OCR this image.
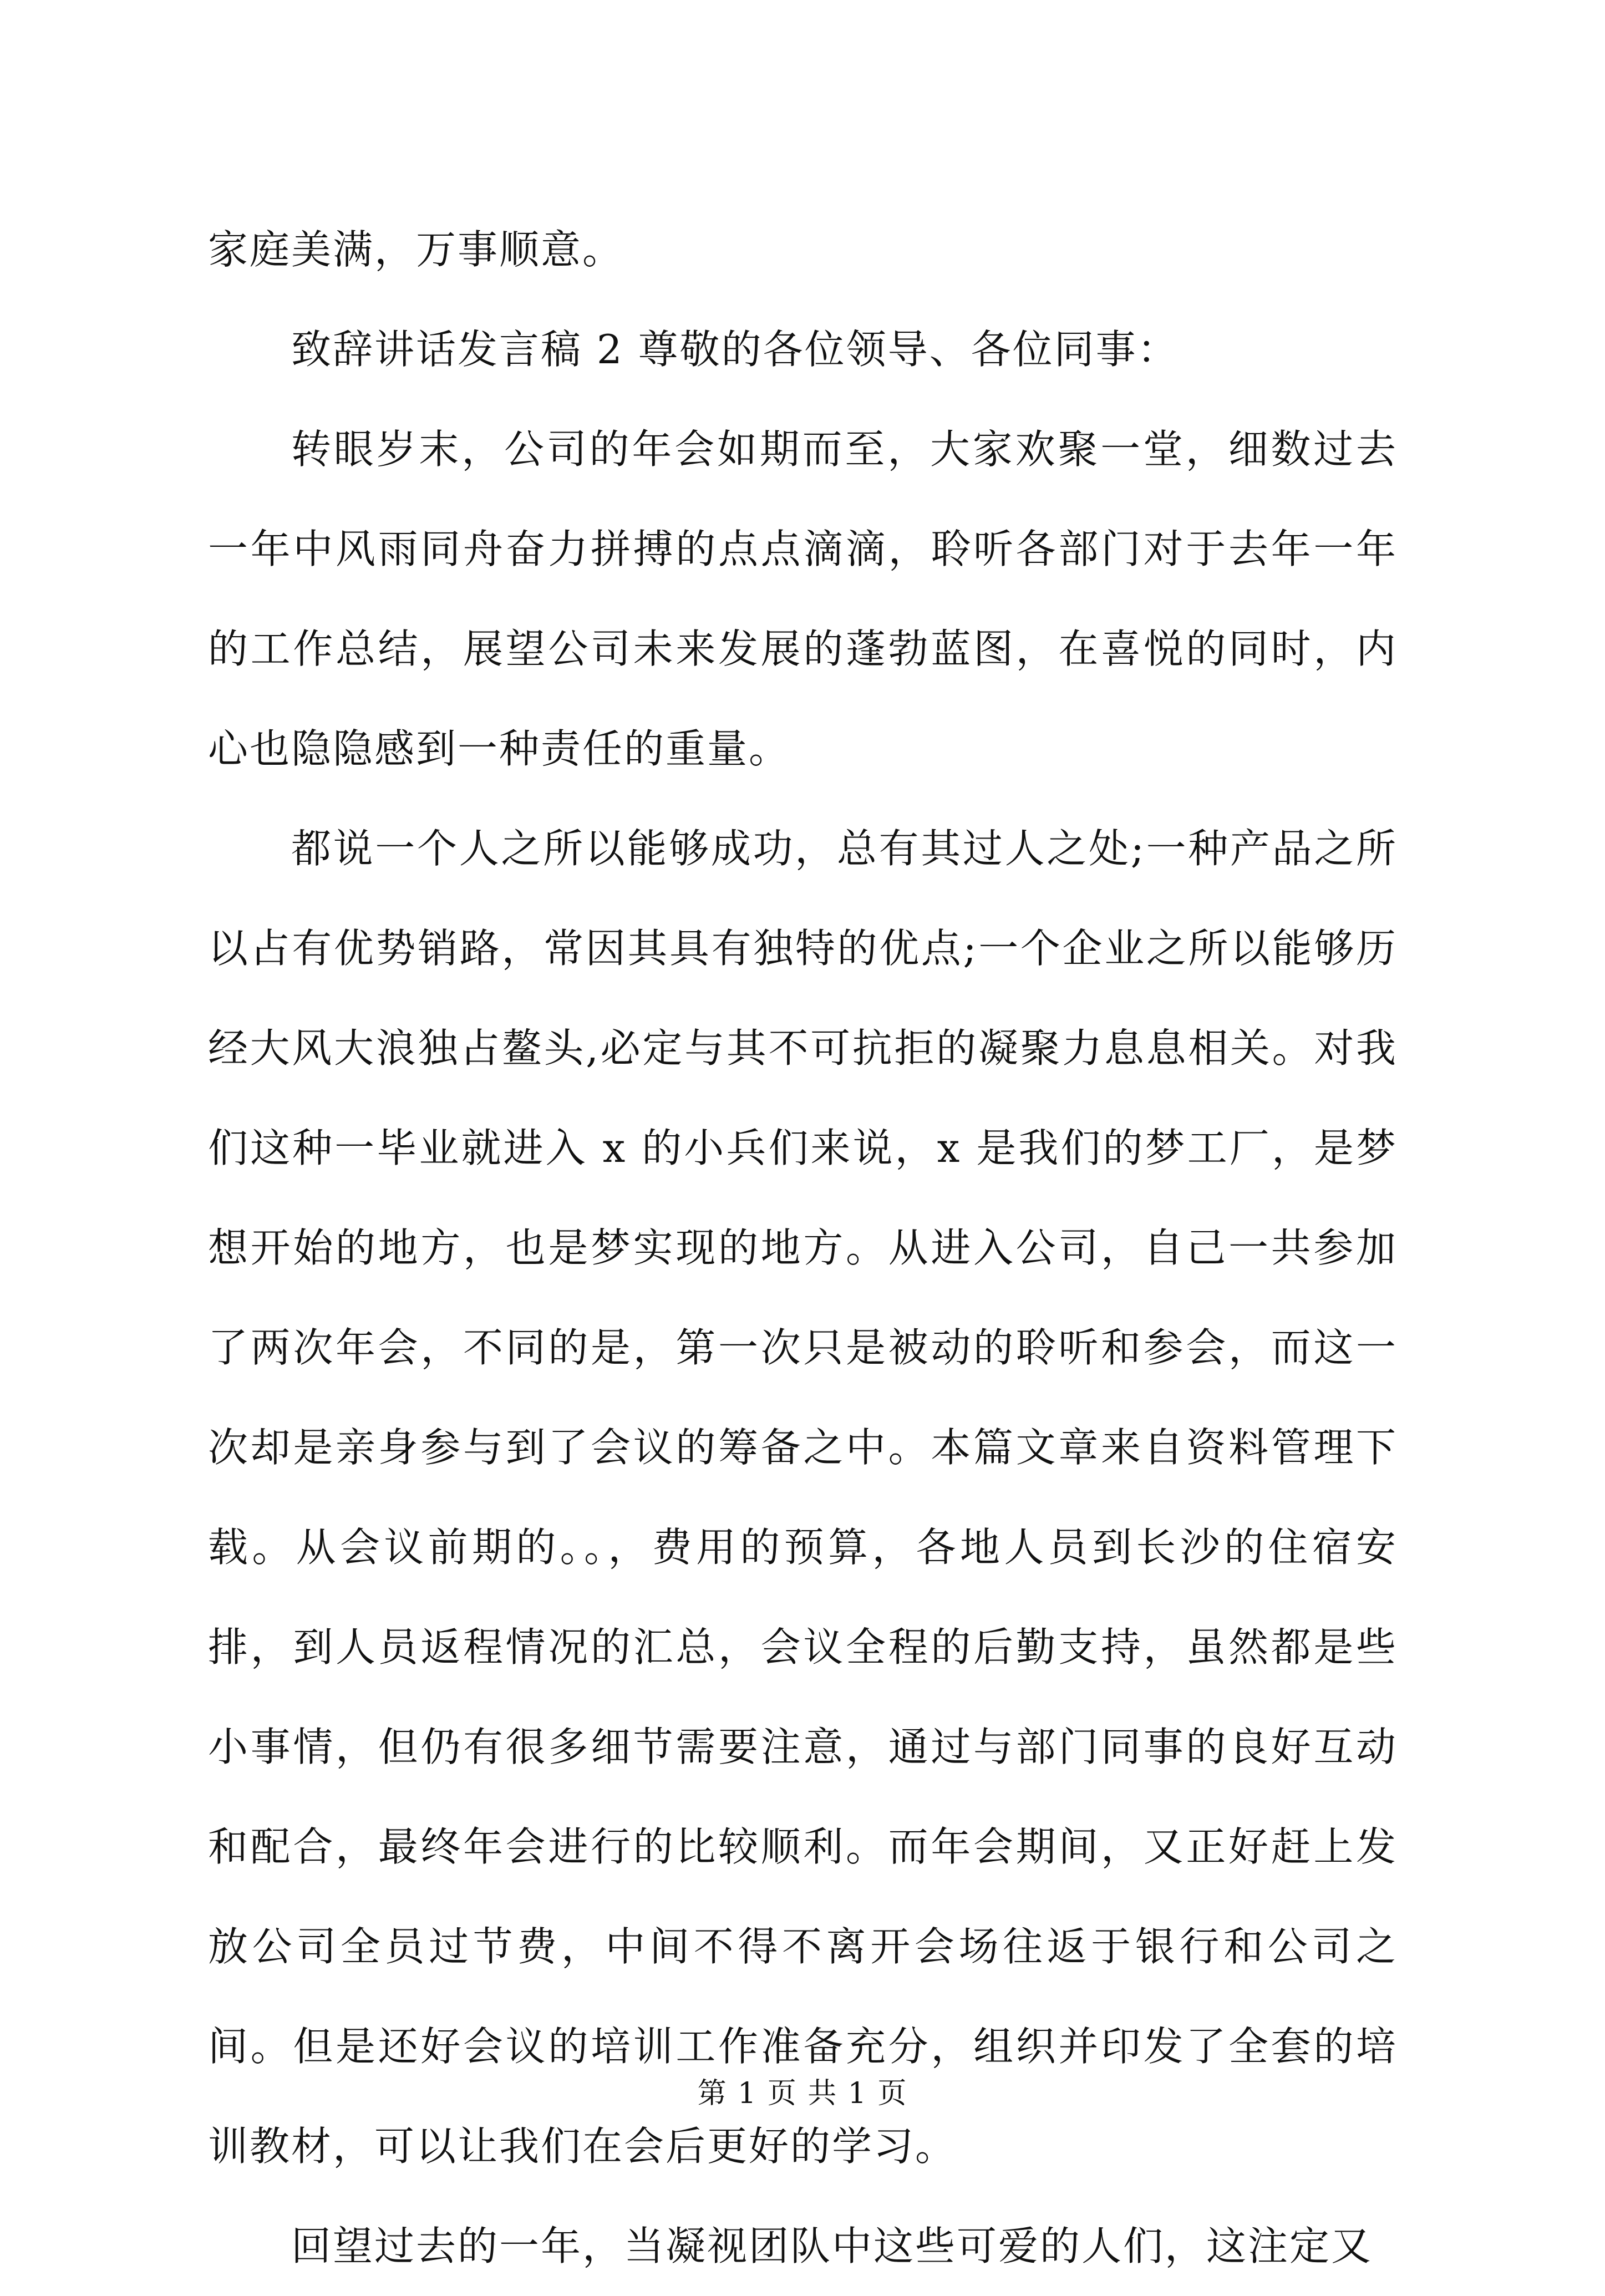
家庭美满，万事顺意。

致辞讲话发言稿 2 尊敬的各位领导、各位同事：

转眼岁末，公司的年会如期而至，大家欢聚一堂，细数过去一年中风雨同舟奋力拼搏的点点滴滴，聆听各部门对于去年一年的工作总结，展望公司未来发展的蓬勃蓝图，在喜悦的同时，内心也隐隐感到一种责任的重量。

都说一个人之所以能够成功，总有其过人之处;一种产品之所以占有优势销路，常因其具有独特的优点;一个企业之所以能够历经大风大浪独占鳌头,必定与其不可抗拒的凝聚力息息相关。对我们这种一毕业就进入 x 的小兵们来说，x 是我们的梦工厂，是梦想开始的地方，也是梦实现的地方。从进入公司，自己一共参加了两次年会，不同的是，第一次只是被动的聆听和参会，而这一次却是亲身参与到了会议的筹备之中。本篇文章来自资料管理下载。从会议前期的。。，费用的预算，各地人员到长沙的住宿安排，到人员返程情况的汇总，会议全程的后勤支持，虽然都是些小事情，但仍有很多细节需要注意，通过与部门同事的良好互动和配合，最终年会进行的比较顺利。而年会期间，又正好赶上发放公司全员过节费，中间不得不离开会场往返于银行和公司之间。但是还好会议的培训工作准备充分，组织并印发了全套的培训教材，可以让我们在会后更好的学习。

回望过去的一年，当凝视团队中这些可爱的人们，这注定又

第 1 页 共 1 页
